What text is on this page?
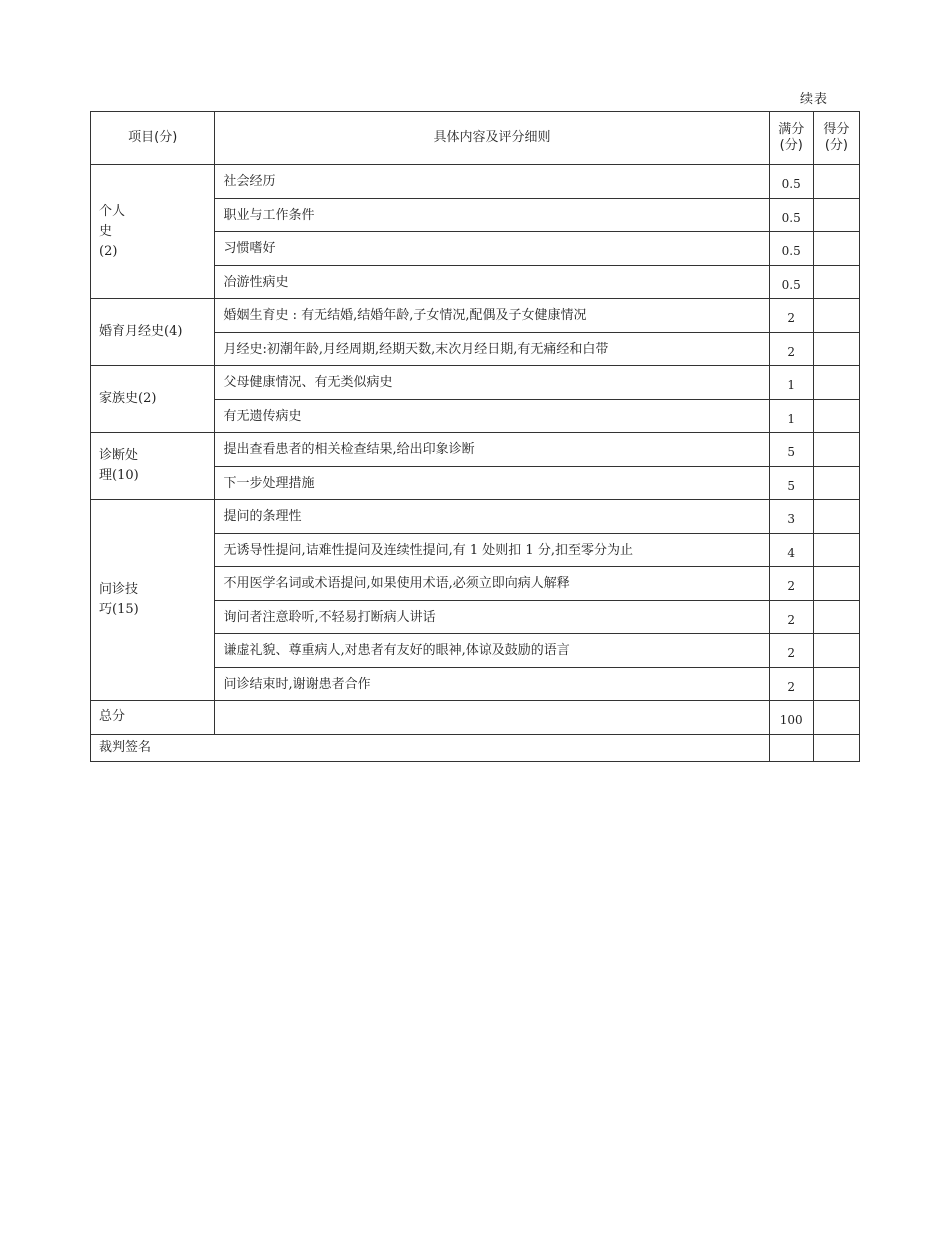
续表
项目(分)	具体内容及评分细则	满分(分)	得分(分)

个人
史
(2)	社会经历	0.5	
	职业与工作条件	0.5	
	习惯嗜好	0.5	
	冶游性病史	0.5	

婚育月经史(4)	婚姻生育史 : 有无结婚,结婚年龄,子女情况,配偶及子女健康情况	2	
	月经史:初潮年龄,月经周期,经期天数,末次月经日期,有无痛经和白带	2	

家族史(2)	父母健康情况、有无类似病史	1	
	有无遗传病史	1	

诊断处
理(10)	提出查看患者的相关检查结果,给出印象诊断	5	
	下一步处理措施	5	

问诊技
巧(15)	提问的条理性	3	
	无诱导性提问,诘难性提问及连续性提问,有 1 处则扣 1 分,扣至零分为止	4	
	不用医学名词或术语提问,如果使用术语,必须立即向病人解释	2	
	询问者注意聆听,不轻易打断病人讲话	2	
	谦虚礼貌、尊重病人,对患者有友好的眼神,体谅及鼓励的语言	2	
	问诊结束时,谢谢患者合作	2	
总分		100	
裁判签名			
